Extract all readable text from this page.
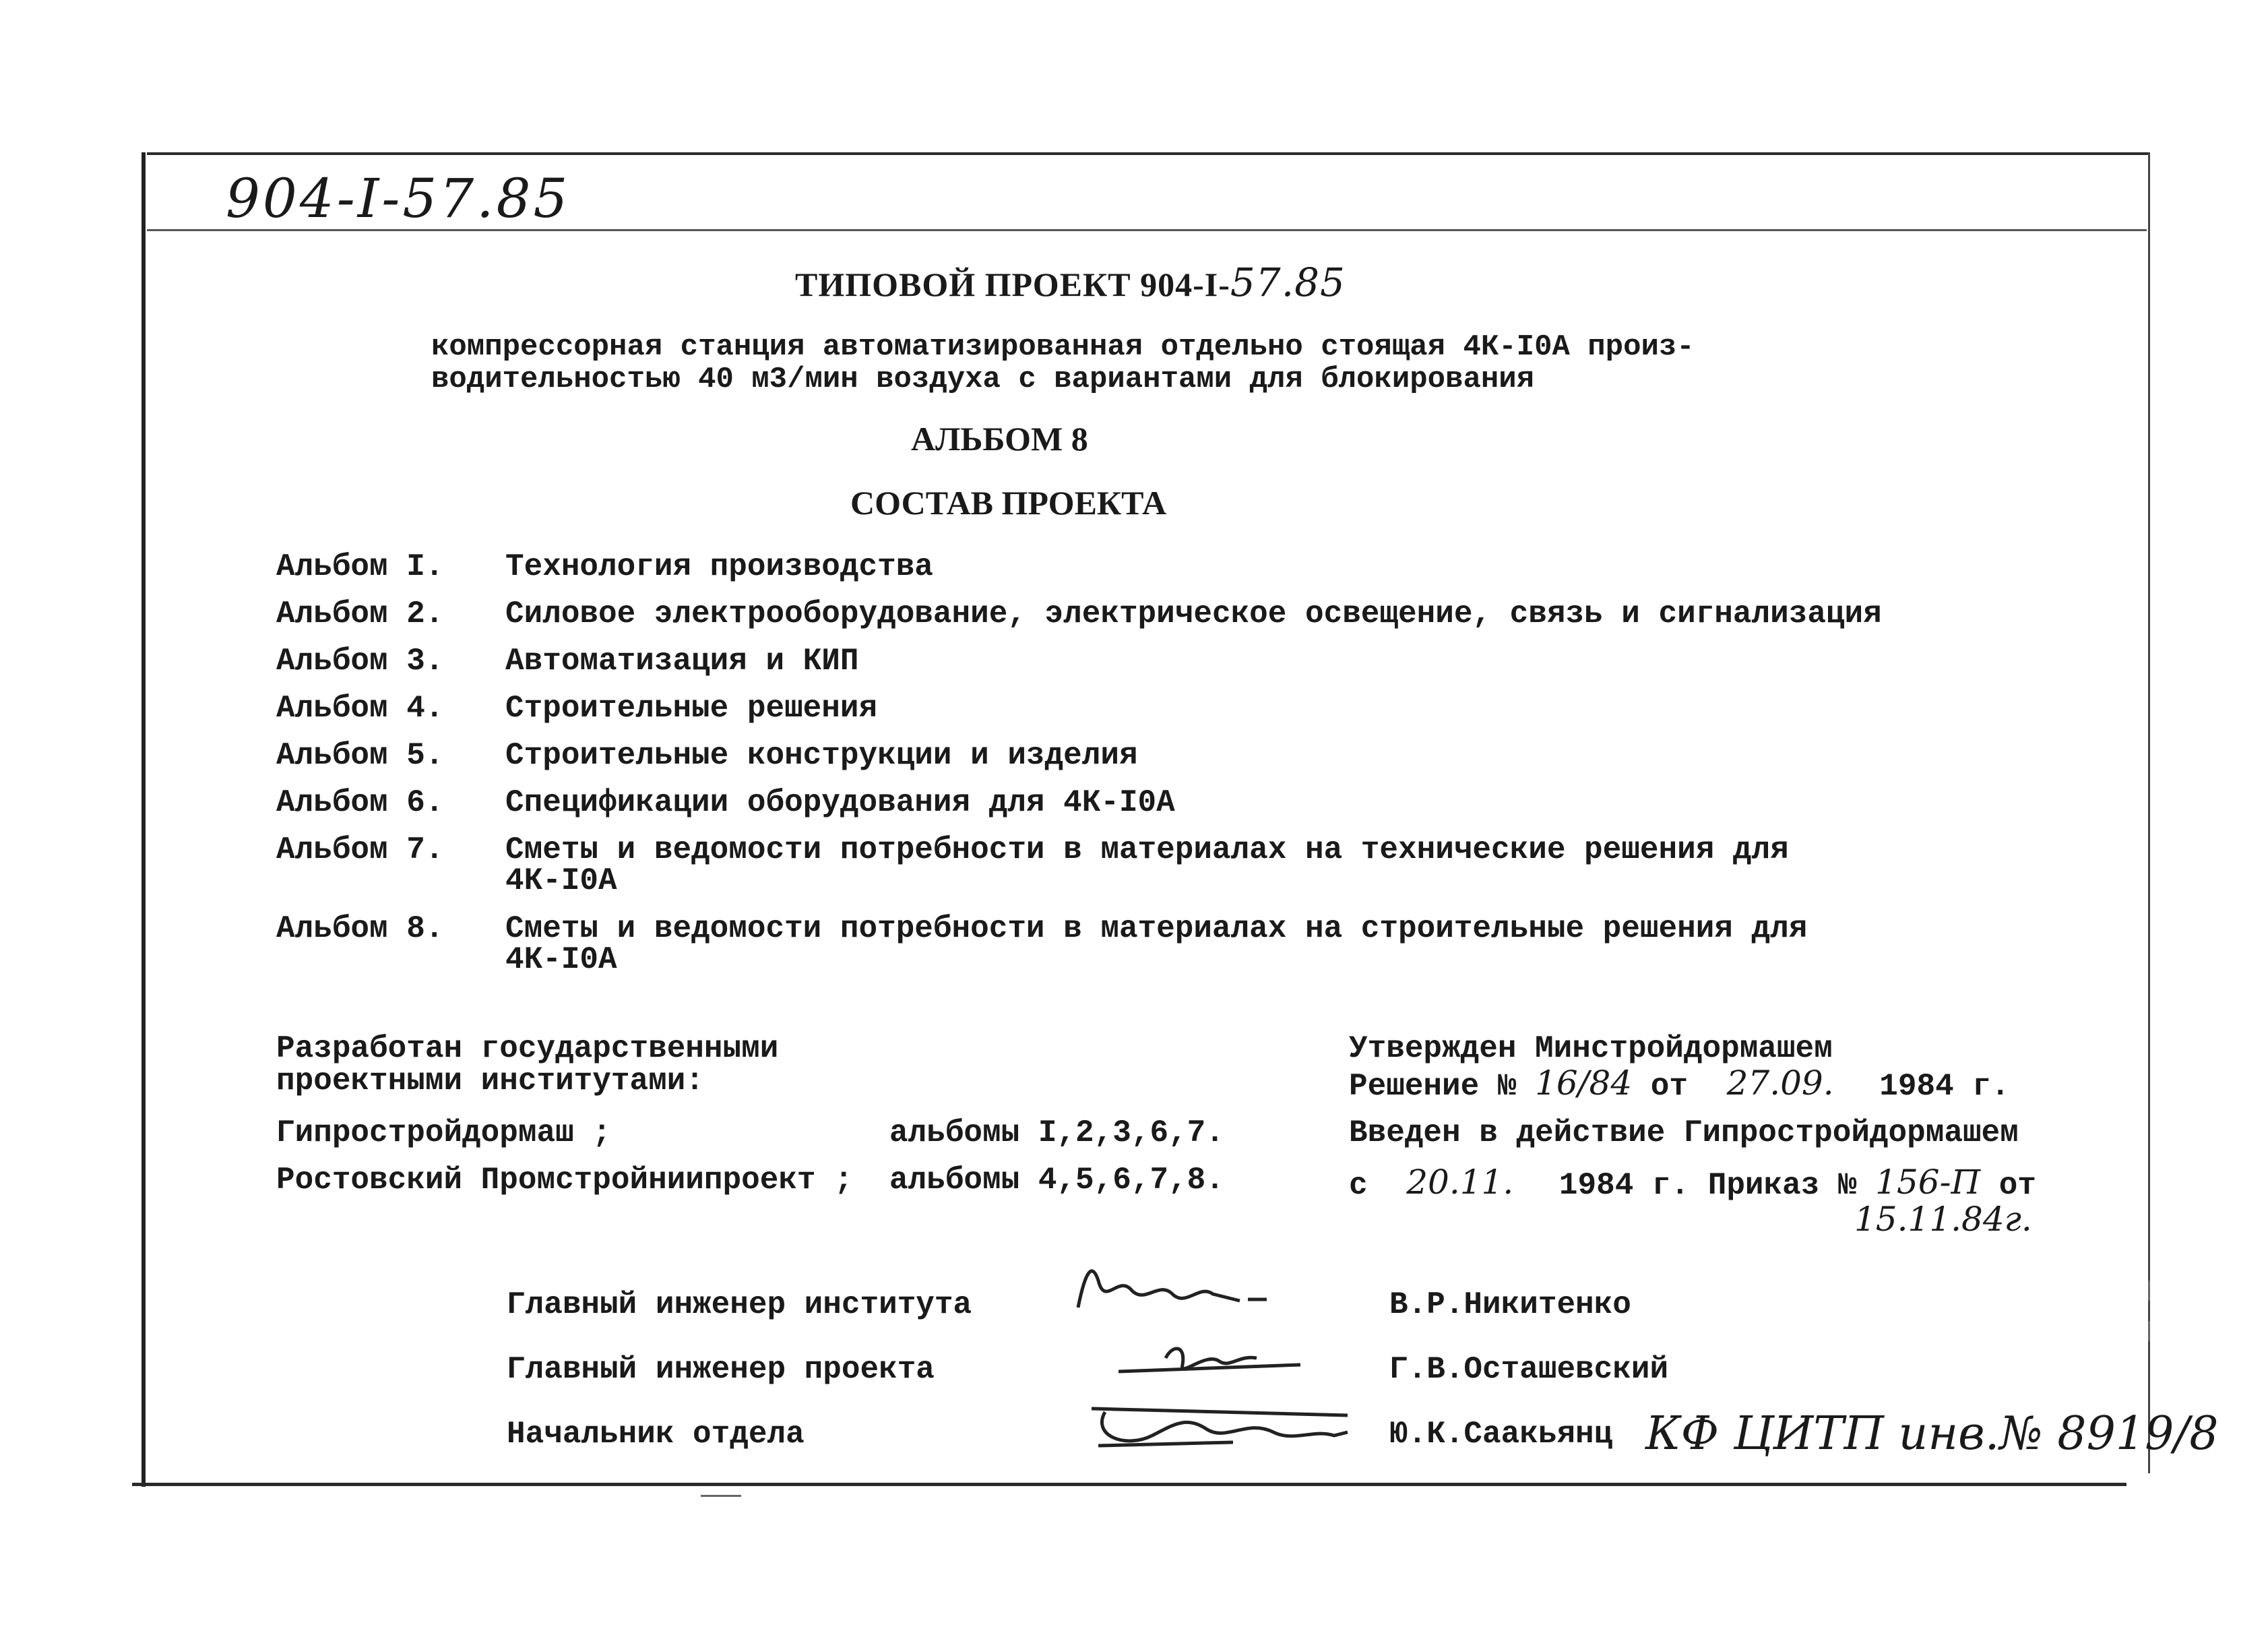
904-I-57.85
ТИПОВОЙ ПРОЕКТ 904-I-57.85
компрессорная станция автоматизированная отдельно стоящая 4К-I0А произ-
водительностью 40 м3/мин воздуха с вариантами для блокирования
АЛЬБОМ 8
СОСТАВ ПРОЕКТА
Альбом I. Технология производства
Альбом 2. Силовое электрооборудование, электрическое освещение, связь и сигнализация
Альбом 3. Автоматизация и КИП
Альбом 4. Строительные решения
Альбом 5. Строительные конструкции и изделия
Альбом 6. Спецификации оборудования для 4К-I0А
Альбом 7. Сметы и ведомости потребности в материалах на технические решения для
4К-I0А
Альбом 8. Сметы и ведомости потребности в материалах на строительные решения для
4К-I0А
Разработан государственными
проектными институтами:
Гипростройдормаш ;	альбомы I,2,3,6,7.
Ростовский Промстройниипроект ; альбомы 4,5,6,7,8.
Утвержден Минстройдормашем
Решение № 16/84 от 27.09. 1984 г.
Введен в действие Гипростройдормашем
с 20.11. 1984 г. Приказ № 156-П от
15.11.84г.
Главный инженер института
Главный инженер проекта
Начальник отдела
В.Р.Никитенко
Г.В.Осташевский
Ю.К.Саакьянц КФ ЦИТП инв.№ 8919/8
